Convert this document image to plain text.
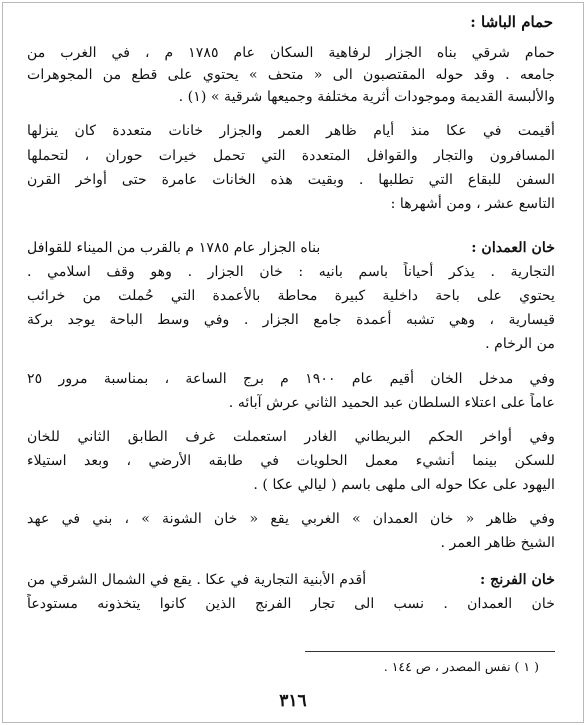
حمام الباشا :
حمام شرقي بناه الجزار لرفاهية السكان عام ١٧٨٥ م ، في الغرب من
جامعه . وقد حوله المقتصبون الى « متحف » يحتوي على قطع من المجوهرات
والألبسة القديمة وموجودات أثرية مختلفة وجميعها شرقية » (١) .
أقيمت في عكا منذ أيام ظاهر العمر والجزار خانات متعددة كان ينزلها
المسافرون والتجار والقوافل المتعددة التي تحمل خيرات حوران ، لتحملها
السفن للبقاع التي تطلبها . وبقيت هذه الخانات عامرة حتى أواخر القرن
التاسع عشر ، ومن أشهرها :
خان العمدان :
بناه الجزار عام ١٧٨٥ م بالقرب من الميناء للقوافل
التجارية . يذكر أحياناً باسم بانيه : خان الجزار . وهو وقف اسلامي .
يحتوي على باحة داخلية كبيرة محاطة بالأعمدة التي حُملت من خرائب
قيسارية ، وهي تشبه أعمدة جامع الجزار . وفي وسط الباحة يوجد بركة
من الرخام .
وفي مدخل الخان أقيم عام ١٩٠٠ م برج الساعة ، بمناسبة مرور ٢٥
عاماً على اعتلاء السلطان عبد الحميد الثاني عرش آبائه .
وفي أواخر الحكم البريطاني الغادر استعملت غرف الطابق الثاني للخان
للسكن بينما أنشيء معمل الحلويات في طابقه الأرضي ، وبعد استيلاء
اليهود على عكا حوله الى ملهى باسم ( ليالي عكا ) .
وفي ظاهر « خان العمدان » الغربي يقع « خان الشونة » ، بني في عهد
الشيخ ظاهر العمر .
خان الفرنج :
أقدم الأبنية التجارية في عكا . يقع في الشمال الشرقي من
خان العمدان . نسب الى تجار الفرنج الذين كانوا يتخذونه مستودعاً
( ١ ) نفس المصدر ، ص ١٤٤ .
٣١٦
